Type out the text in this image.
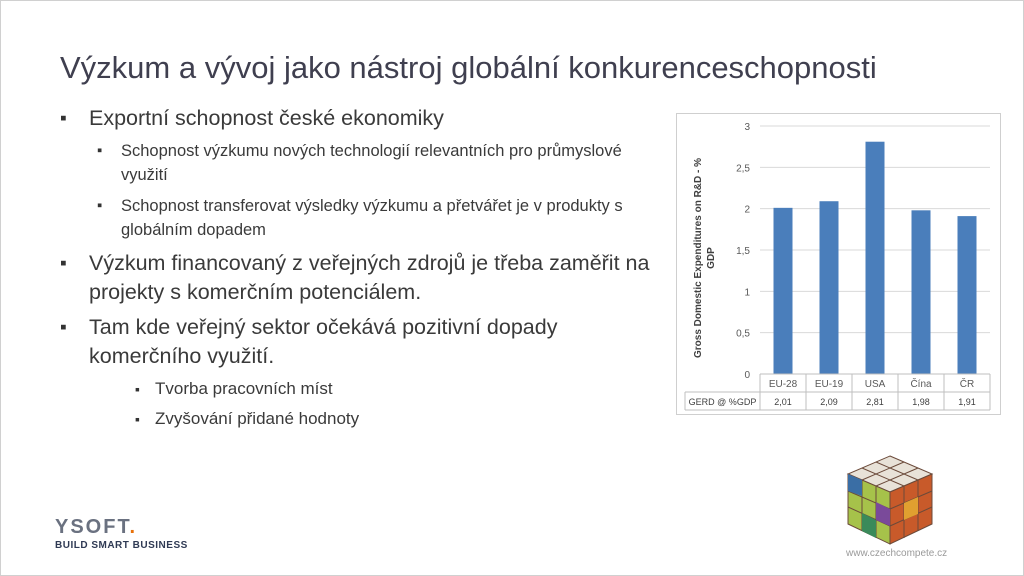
Výzkum a vývoj jako nástroj globální konkurenceschopnosti
▪ Exportní schopnost české ekonomiky
▪ Schopnost výzkumu nových technologií relevantních pro průmyslové využití
▪ Schopnost transferovat výsledky výzkumu a přetvářet je v produkty s globálním dopadem
▪ Výzkum financovaný z veřejných zdrojů je třeba zaměřit na projekty s komerčním potenciálem.
▪ Tam kde veřejný sektor očekává pozitivní dopady komerčního využití.
▪ Tvorba pracovních míst
▪ Zvyšování přidané hodnoty
0
0,5
1
1,5
2
2,5
3
EU-28
2,01
EU-19
2,09
USA
2,81
Čína
1,98
ČR
1,91
GERD @ %GDP
Gross Domestic Expenditures on R&D - % GDP
YSOFT.
BUILD SMART BUSINESS
www.czechcompete.cz
